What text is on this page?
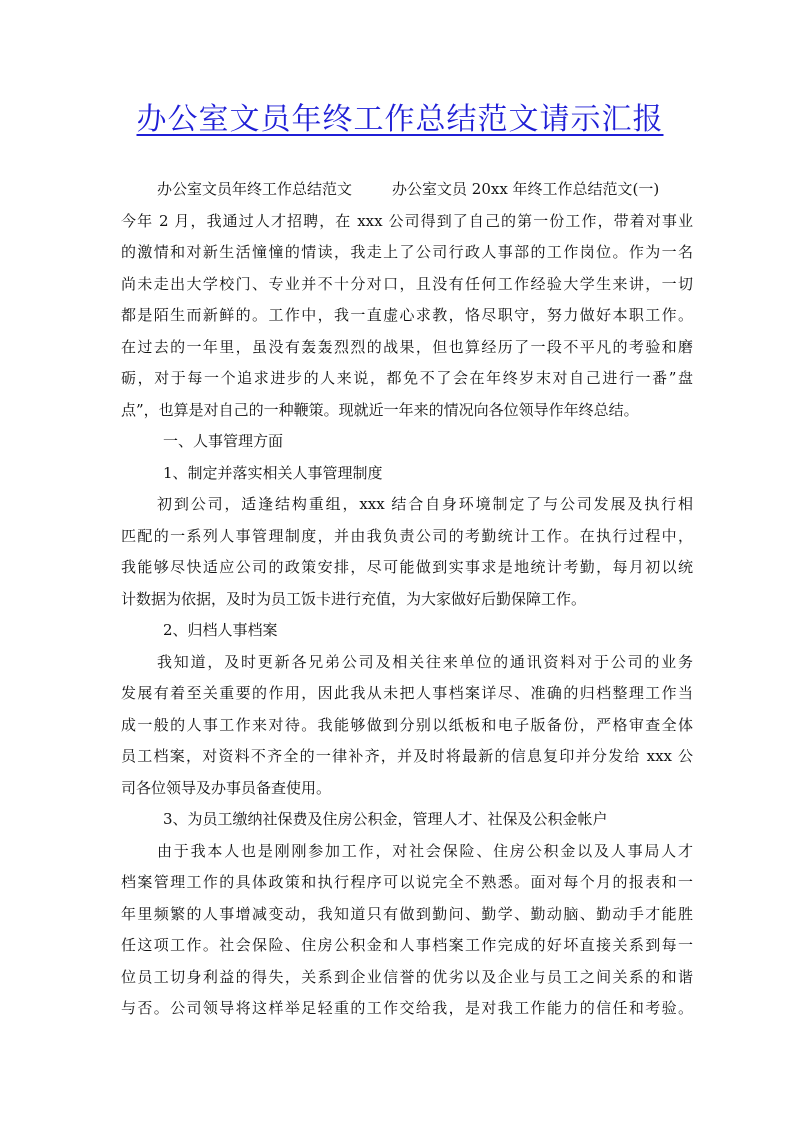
办公室文员年终工作总结范文请示汇报
办公室文员年终工作总结范文	办公室文员 20xx 年终工作总结范文(一)
今年 2 月，我通过人才招聘，在 xxx 公司得到了自己的第一份工作，带着对事业
的激情和对新生活憧憧的情读，我走上了公司行政人事部的工作岗位。作为一名
尚未走出大学校门、专业并不十分对口，且没有任何工作经验大学生来讲，一切
都是陌生而新鲜的。工作中，我一直虚心求教，恪尽职守，努力做好本职工作。
在过去的一年里，虽没有轰轰烈烈的战果，但也算经历了一段不平凡的考验和磨
砺，对于每一个追求进步的人来说，都免不了会在年终岁末对自己进行一番”盘
点”，也算是对自己的一种鞭策。现就近一年来的情况向各位领导作年终总结。
一、人事管理方面
1、制定并落实相关人事管理制度
初到公司，适逢结构重组，xxx 结合自身环境制定了与公司发展及执行相
匹配的一系列人事管理制度，并由我负责公司的考勤统计工作。在执行过程中，
我能够尽快适应公司的政策安排，尽可能做到实事求是地统计考勤，每月初以统
计数据为依据，及时为员工饭卡进行充值，为大家做好后勤保障工作。
2、归档人事档案
我知道，及时更新各兄弟公司及相关往来单位的通讯资料对于公司的业务
发展有着至关重要的作用，因此我从未把人事档案详尽、准确的归档整理工作当
成一般的人事工作来对待。我能够做到分别以纸板和电子版备份，严格审查全体
员工档案，对资料不齐全的一律补齐，并及时将最新的信息复印并分发给 xxx 公
司各位领导及办事员备查使用。
3、为员工缴纳社保费及住房公积金，管理人才、社保及公积金帐户
由于我本人也是刚刚参加工作，对社会保险、住房公积金以及人事局人才
档案管理工作的具体政策和执行程序可以说完全不熟悉。面对每个月的报表和一
年里频繁的人事增减变动，我知道只有做到勤问、勤学、勤动脑、勤动手才能胜
任这项工作。社会保险、住房公积金和人事档案工作完成的好坏直接关系到每一
位员工切身利益的得失，关系到企业信誉的优劣以及企业与员工之间关系的和谐
与否。公司领导将这样举足轻重的工作交给我，是对我工作能力的信任和考验。
